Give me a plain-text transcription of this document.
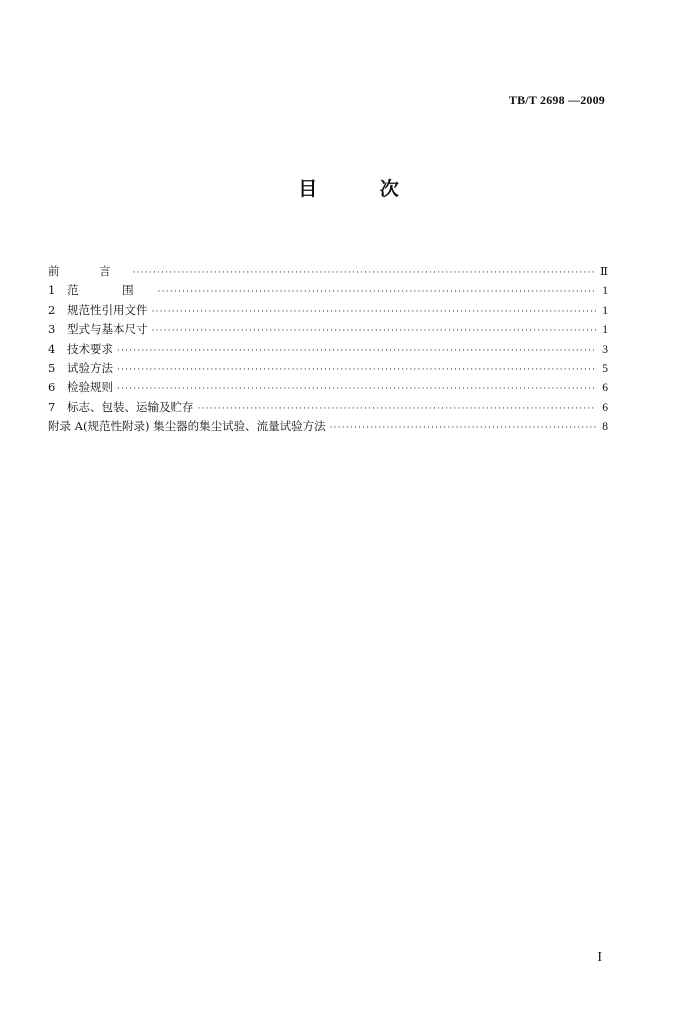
TB/T 2698 —2009
目 次
前 言 ·····	Ⅱ
1	范 围 ·····	1
2	规范性引用文件 ·····	1
3	型式与基本尺寸 ·····	1
4	技术要求 ·····	3
5	试验方法 ·····	5
6	检验规则 ·····	6
7	标志、包装、运输及贮存 ·····	6
附录 A(规范性附录) 集尘器的集尘试验、流量试验方法 ·····	8
I
